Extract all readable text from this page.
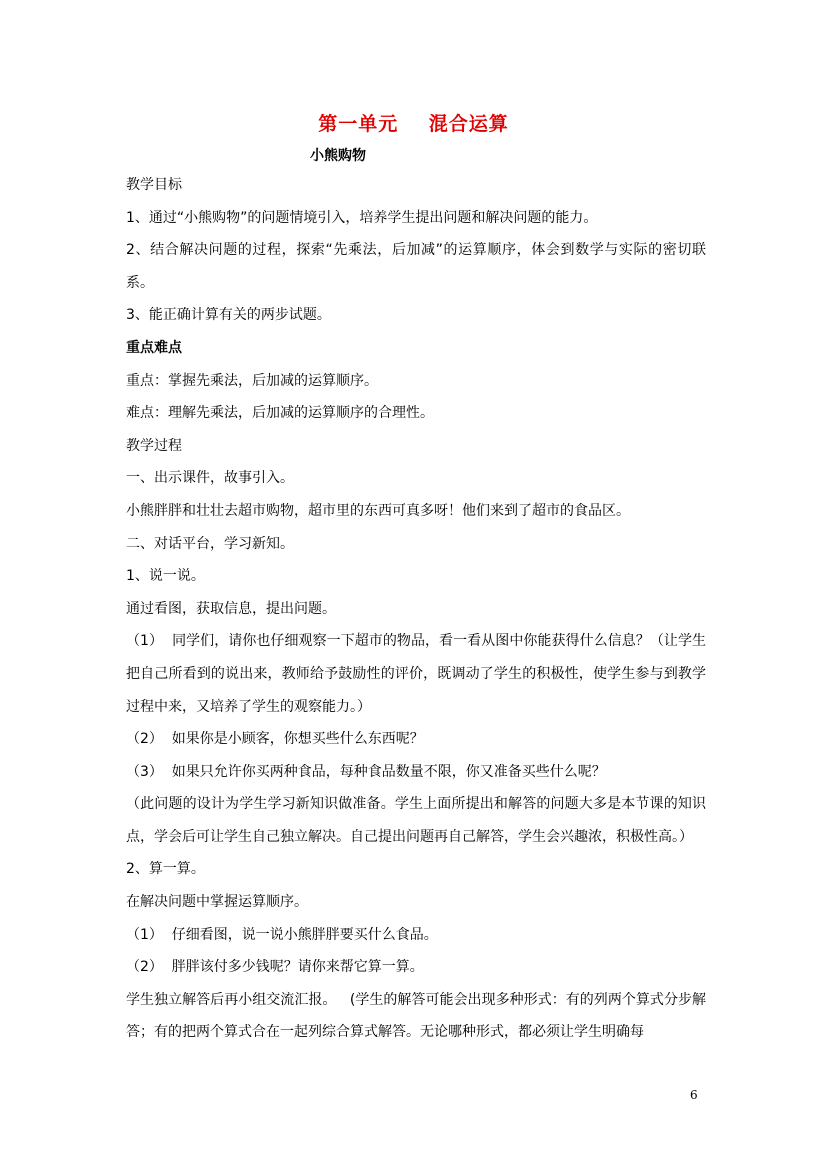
第一单元    混合运算
小熊购物

教学目标

1、通过“小熊购物”的问题情境引入，培养学生提出问题和解决问题的能力。

2、结合解决问题的过程，探索“先乘法，后加减”的运算顺序，体会到数学与实际的密切联系。

3、能正确计算有关的两步试题。

重点难点

重点：掌握先乘法，后加减的运算顺序。

难点：理解先乘法，后加减的运算顺序的合理性。

教学过程

一、出示课件，故事引入。

小熊胖胖和壮壮去超市购物，超市里的东西可真多呀！他们来到了超市的食品区。

二、对话平台，学习新知。

1、说一说。

通过看图，获取信息，提出问题。

（1）  同学们，请你也仔细观察一下超市的物品，看一看从图中你能获得什么信息？（让学生把自己所看到的说出来，教师给予鼓励性的评价，既调动了学生的积极性，使学生参与到教学过程中来，又培养了学生的观察能力。）

（2）  如果你是小顾客，你想买些什么东西呢？

（3）  如果只允许你买两种食品，每种食品数量不限，你又准备买些什么呢？

（此问题的设计为学生学习新知识做准备。学生上面所提出和解答的问题大多是本节课的知识点，学会后可让学生自己独立解决。自己提出问题再自己解答，学生会兴趣浓，积极性高。）

2、算一算。

在解决问题中掌握运算顺序。

（1）  仔细看图，说一说小熊胖胖要买什么食品。

（2）  胖胖该付多少钱呢？请你来帮它算一算。

学生独立解答后再小组交流汇报。   (学生的解答可能会出现多种形式：有的列两个算式分步解答；有的把两个算式合在一起列综合算式解答。无论哪种形式，都必须让学生明确每

6
